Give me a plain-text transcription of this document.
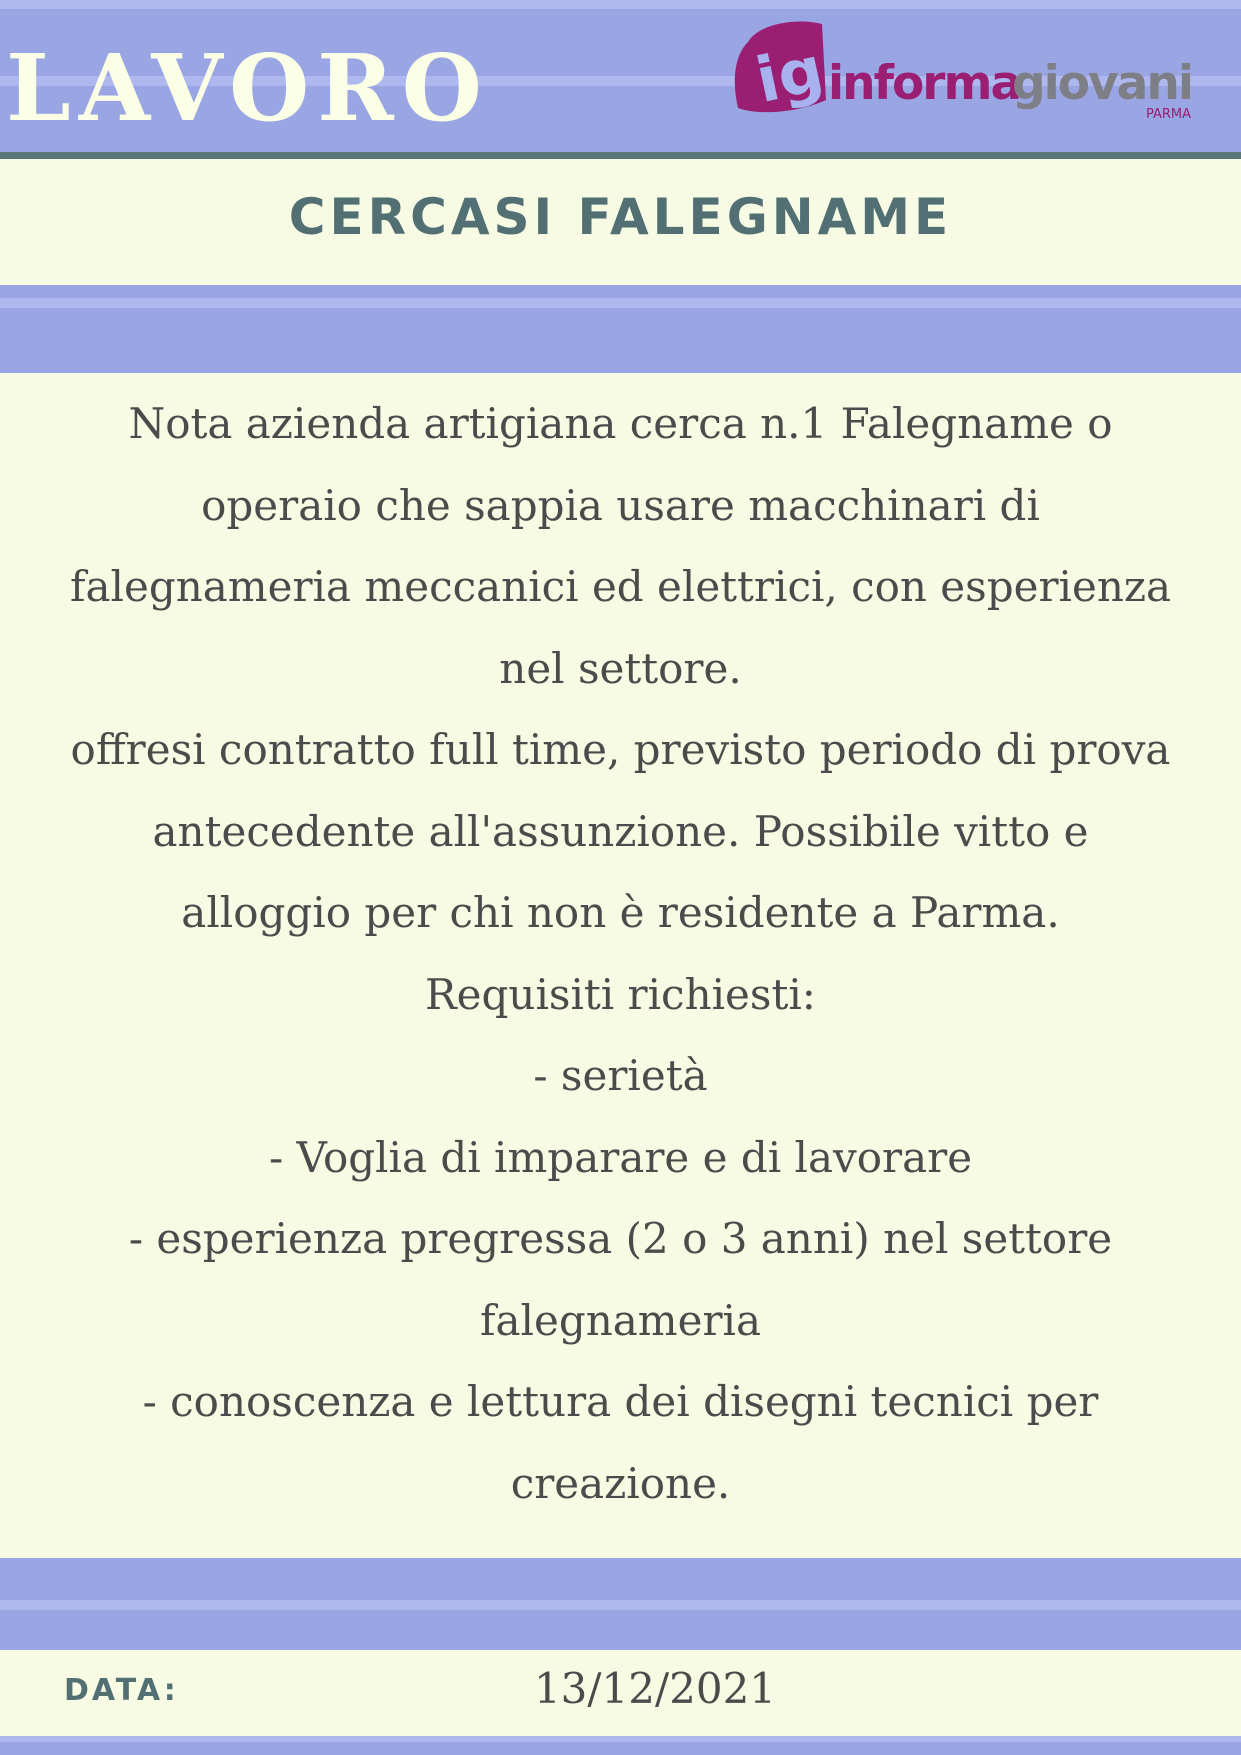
LAVORO	ig
informa
giovani
PARMA
CERCASI FALEGNAME
Nota azienda artigiana cerca n.1 Falegname o
operaio che sappia usare macchinari di
falegnameria meccanici ed elettrici, con esperienza
nel settore.
offresi contratto full time, previsto periodo di prova
antecedente all'assunzione. Possibile vitto e
alloggio per chi non è residente a Parma.
Requisiti richiesti:
- serietà
- Voglia di imparare e di lavorare
- esperienza pregressa (2 o 3 anni) nel settore
falegnameria
- conoscenza e lettura dei disegni tecnici per
creazione.
DATA:	13/12/2021
